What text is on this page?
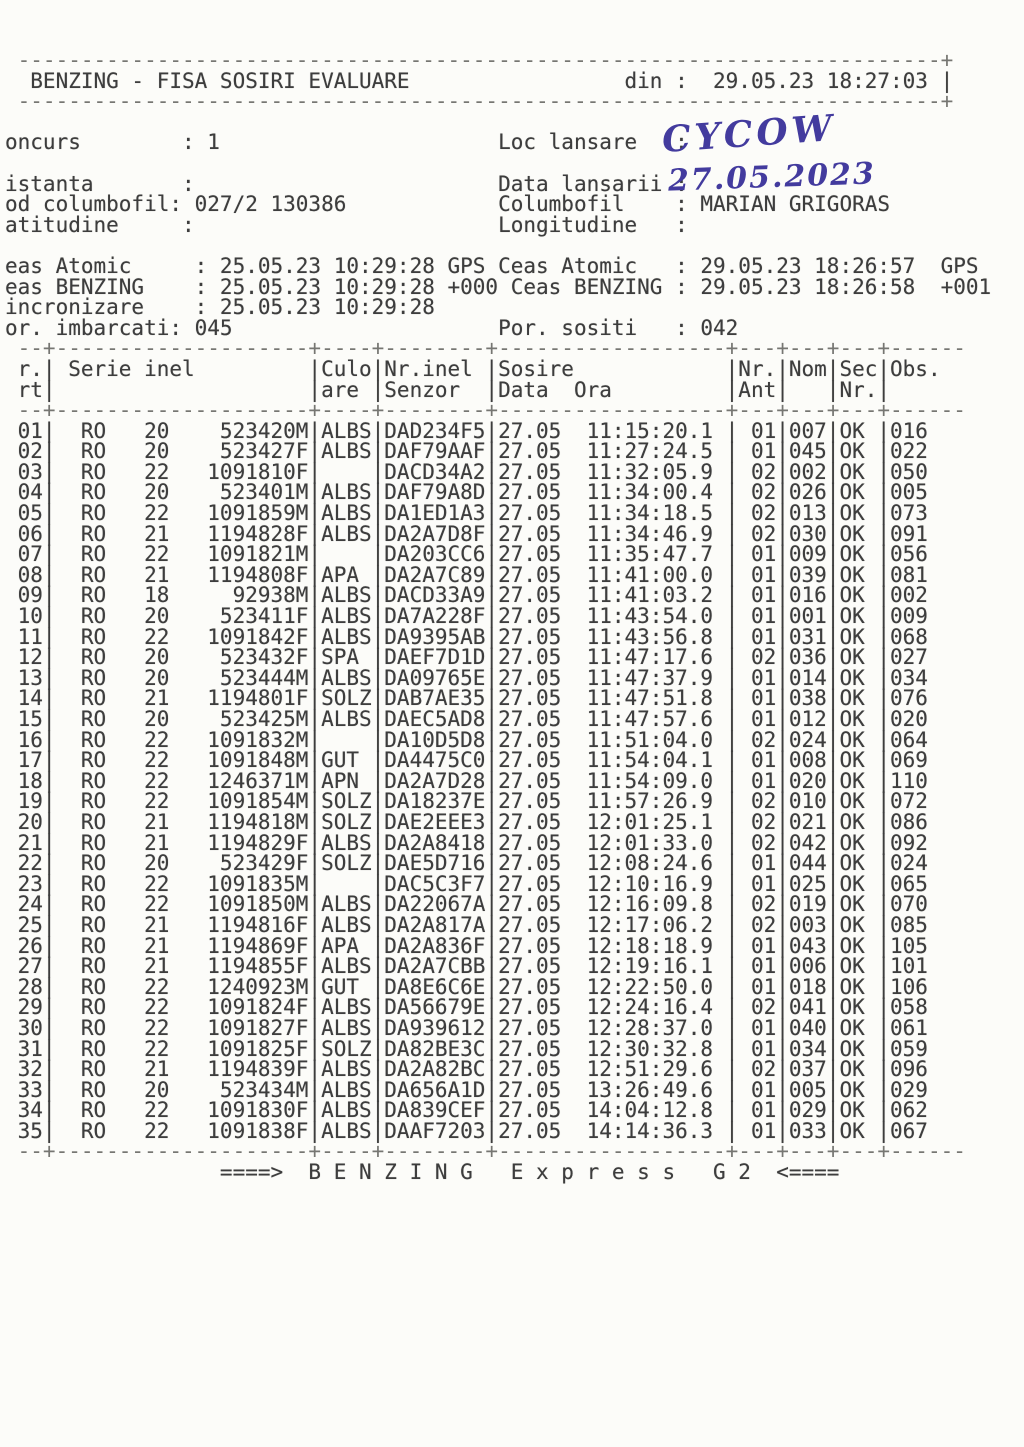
-------------------------------------------------------------------------+
BENZING - FISA SOSIRI EVALUARE                 din :  29.05.23 18:27:03 |
-------------------------------------------------------------------------+

oncurs        : 1                      Loc lansare   :

istanta       :                        Data lansarii :
od columbofil: 027/2 130386            Columbofil    : MARIAN GRIGORAS
atitudine     :                        Longitudine   :

eas Atomic     : 25.05.23 10:29:28 GPS Ceas Atomic   : 29.05.23 18:26:57  GPS
eas BENZING    : 25.05.23 10:29:28 +000 Ceas BENZING : 29.05.23 18:26:58  +001
incronizare    : 25.05.23 10:29:28
or. imbarcati: 045                     Por. sositi   : 042
--+--------------------+----+--------+------------------+---+---+---+------
r.| Serie inel         |Culo|Nr.inel |Sosire            |Nr.|Nom|Sec|Obs.
rt|                    |are |Senzor  |Data  Ora         |Ant|   |Nr.|
--+--------------------+----+--------+------------------+---+---+---+------
01|  RO   20    523420M|ALBS|DAD234F5|27.05  11:15:20.1 | 01|007|OK |016
02|  RO   20    523427F|ALBS|DAF79AAF|27.05  11:27:24.5 | 01|045|OK |022
03|  RO   22   1091810F|    |DACD34A2|27.05  11:32:05.9 | 02|002|OK |050
04|  RO   20    523401M|ALBS|DAF79A8D|27.05  11:34:00.4 | 02|026|OK |005
05|  RO   22   1091859M|ALBS|DA1ED1A3|27.05  11:34:18.5 | 02|013|OK |073
06|  RO   21   1194828F|ALBS|DA2A7D8F|27.05  11:34:46.9 | 02|030|OK |091
07|  RO   22   1091821M|    |DA203CC6|27.05  11:35:47.7 | 01|009|OK |056
08|  RO   21   1194808F|APA |DA2A7C89|27.05  11:41:00.0 | 01|039|OK |081
09|  RO   18     92938M|ALBS|DACD33A9|27.05  11:41:03.2 | 01|016|OK |002
10|  RO   20    523411F|ALBS|DA7A228F|27.05  11:43:54.0 | 01|001|OK |009
11|  RO   22   1091842F|ALBS|DA9395AB|27.05  11:43:56.8 | 01|031|OK |068
12|  RO   20    523432F|SPA |DAEF7D1D|27.05  11:47:17.6 | 02|036|OK |027
13|  RO   20    523444M|ALBS|DA09765E|27.05  11:47:37.9 | 01|014|OK |034
14|  RO   21   1194801F|SOLZ|DAB7AE35|27.05  11:47:51.8 | 01|038|OK |076
15|  RO   20    523425M|ALBS|DAEC5AD8|27.05  11:47:57.6 | 01|012|OK |020
16|  RO   22   1091832M|    |DA10D5D8|27.05  11:51:04.0 | 02|024|OK |064
17|  RO   22   1091848M|GUT |DA4475C0|27.05  11:54:04.1 | 01|008|OK |069
18|  RO   22   1246371M|APN |DA2A7D28|27.05  11:54:09.0 | 01|020|OK |110
19|  RO   22   1091854M|SOLZ|DA18237E|27.05  11:57:26.9 | 02|010|OK |072
20|  RO   21   1194818M|SOLZ|DAE2EEE3|27.05  12:01:25.1 | 02|021|OK |086
21|  RO   21   1194829F|ALBS|DA2A8418|27.05  12:01:33.0 | 02|042|OK |092
22|  RO   20    523429F|SOLZ|DAE5D716|27.05  12:08:24.6 | 01|044|OK |024
23|  RO   22   1091835M|    |DAC5C3F7|27.05  12:10:16.9 | 01|025|OK |065
24|  RO   22   1091850M|ALBS|DA22067A|27.05  12:16:09.8 | 02|019|OK |070
25|  RO   21   1194816F|ALBS|DA2A817A|27.05  12:17:06.2 | 02|003|OK |085
26|  RO   21   1194869F|APA |DA2A836F|27.05  12:18:18.9 | 01|043|OK |105
27|  RO   21   1194855F|ALBS|DA2A7CBB|27.05  12:19:16.1 | 01|006|OK |101
28|  RO   22   1240923M|GUT |DA8E6C6E|27.05  12:22:50.0 | 01|018|OK |106
29|  RO   22   1091824F|ALBS|DA56679E|27.05  12:24:16.4 | 02|041|OK |058
30|  RO   22   1091827F|ALBS|DA939612|27.05  12:28:37.0 | 01|040|OK |061
31|  RO   22   1091825F|SOLZ|DA82BE3C|27.05  12:30:32.8 | 01|034|OK |059
32|  RO   21   1194839F|ALBS|DA2A82BC|27.05  12:51:29.6 | 02|037|OK |096
33|  RO   20    523434M|ALBS|DA656A1D|27.05  13:26:49.6 | 01|005|OK |029
34|  RO   22   1091830F|ALBS|DA839CEF|27.05  14:04:12.8 | 01|029|OK |062
35|  RO   22   1091838F|ALBS|DAAF7203|27.05  14:14:36.3 | 01|033|OK |067
--+--------------------+----+--------+------------------+---+---+---+------
====>  B E N Z I N G   E x p r e s s   G 2  <====
CYCOW
27.05.2023
